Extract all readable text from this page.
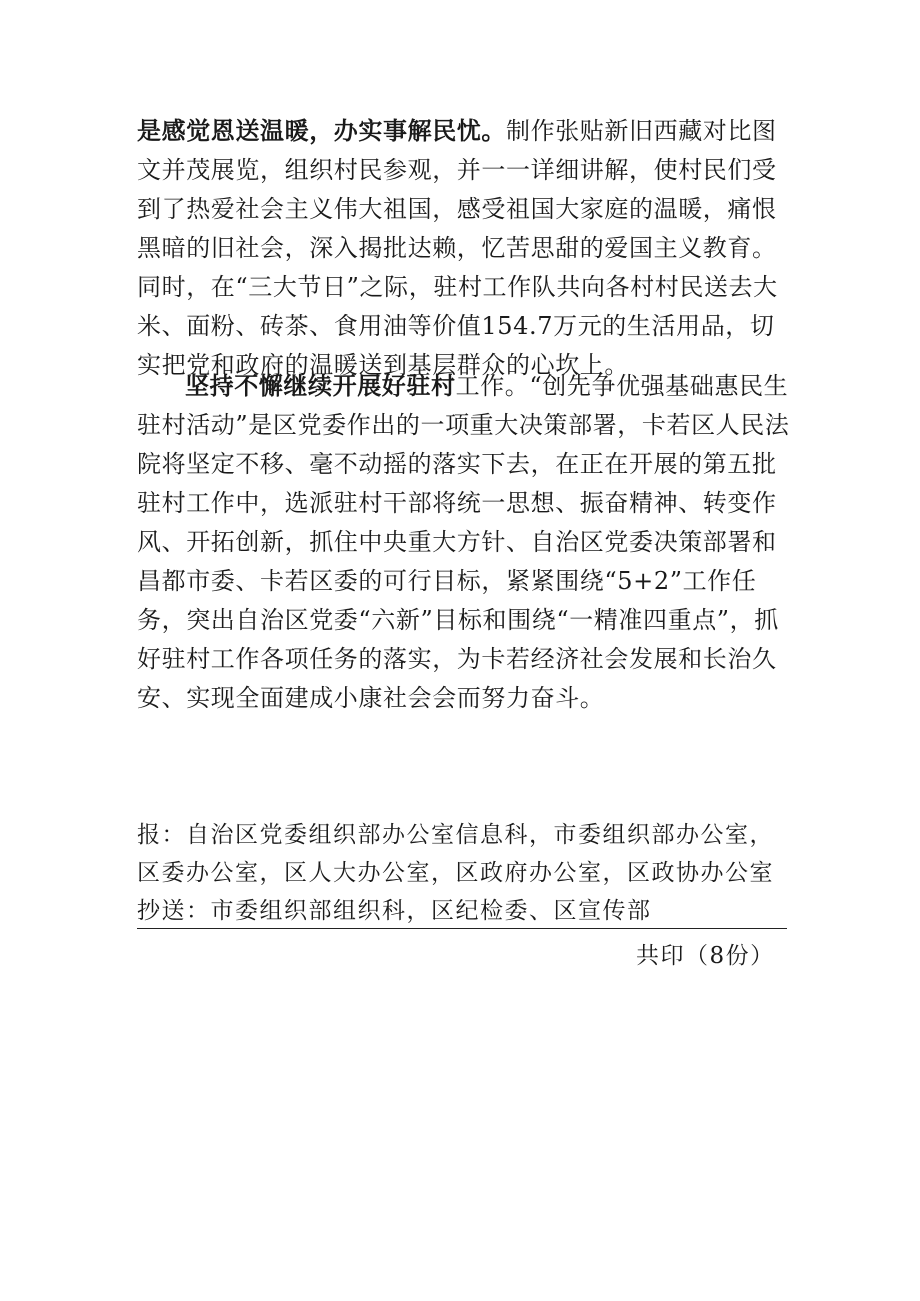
是感觉恩送温暖，办实事解民忧。制作张贴新旧西藏对比图文并茂展览，组织村民参观，并一一详细讲解，使村民们受到了热爱社会主义伟大祖国，感受祖国大家庭的温暖，痛恨黑暗的旧社会，深入揭批达赖，忆苦思甜的爱国主义教育。同时，在“三大节日”之际，驻村工作队共向各村村民送去大米、面粉、砖茶、食用油等价值154.7万元的生活用品，切实把党和政府的温暖送到基层群众的心坎上。

坚持不懈继续开展好驻村工作。“创先争优强基础惠民生驻村活动”是区党委作出的一项重大决策部署，卡若区人民法院将坚定不移、毫不动摇的落实下去，在正在开展的第五批驻村工作中，选派驻村干部将统一思想、振奋精神、转变作风、开拓创新，抓住中央重大方针、自治区党委决策部署和昌都市委、卡若区委的可行目标，紧紧围绕“5+2”工作任务，突出自治区党委“六新”目标和围绕“一精准四重点”，抓好驻村工作各项任务的落实，为卡若经济社会发展和长治久安、实现全面建成小康社会会而努力奋斗。

报：自治区党委组织部办公室信息科，市委组织部办公室，区委办公室，区人大办公室，区政府办公室，区政协办公室抄送：市委组织部组织科，区纪检委、区宣传部

共印（8份）
